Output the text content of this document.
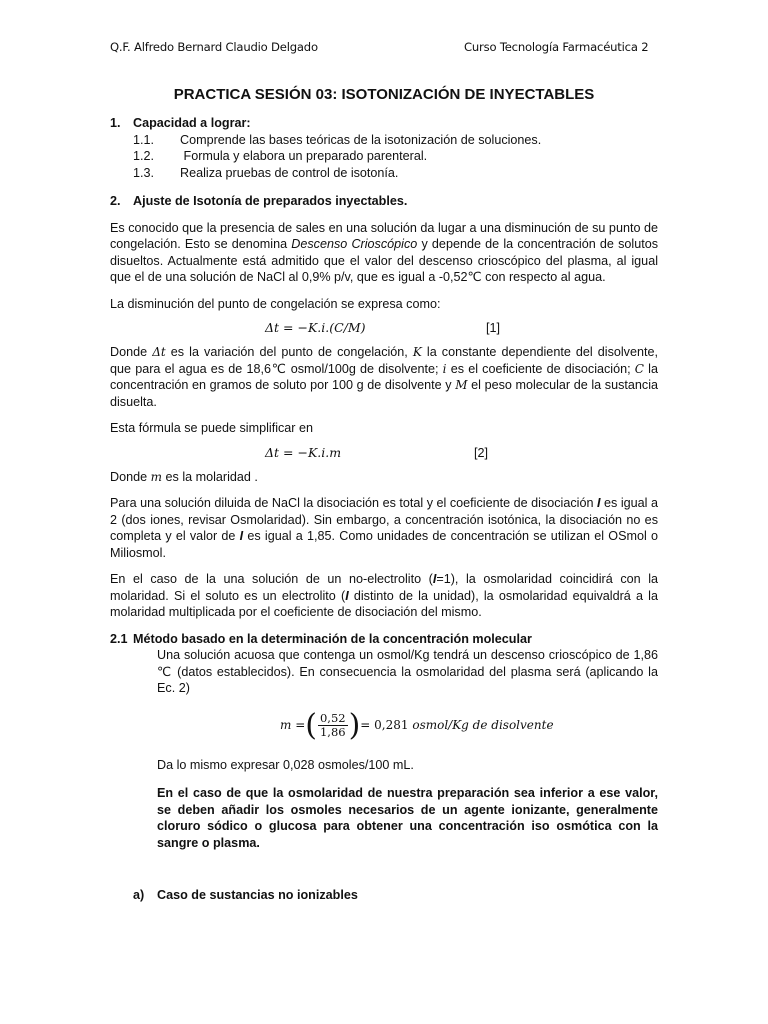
Q.F. Alfredo Bernard Claudio Delgado	Curso Tecnología Farmacéutica 2
PRACTICA SESIÓN 03: ISOTONIZACIÓN DE INYECTABLES
1. Capacidad a lograr:
1.1. Comprende las bases teóricas de la isotonización de soluciones.
1.2. Formula y elabora un preparado parenteral.
1.3. Realiza pruebas de control de isotonía.
2. Ajuste de Isotonía de preparados inyectables.

Es conocido que la presencia de sales en una solución da lugar a una disminución de su punto de congelación. Esto se denomina Descenso Crioscópico y depende de la concentración de solutos disueltos. Actualmente está admitido que el valor del descenso crioscópico del plasma, al igual que el de una solución de NaCl al 0,9% p/v, que es igual a -0,52℃ con respecto al agua.

La disminución del punto de congelación se expresa como:

Δt = −K.i.(C/M)	[1]

Donde Δt es la variación del punto de congelación, K la constante dependiente del disolvente, que para el agua es de 18,6℃ osmol/100g de disolvente; i es el coeficiente de disociación; C la concentración en gramos de soluto por 100 g de disolvente y M el peso molecular de la sustancia disuelta.

Esta fórmula se puede simplificar en

Δt = −K.i.m	[2]

Donde m es la molaridad .

Para una solución diluida de NaCl la disociación es total y el coeficiente de disociación I es igual a 2 (dos iones, revisar Osmolaridad). Sin embargo, a concentración isotónica, la disociación no es completa y el valor de I es igual a 1,85. Como unidades de concentración se utilizan el OSmol o Miliosmol.

En el caso de la una solución de un no-electrolito (I=1), la osmolaridad coincidirá con la molaridad. Si el soluto es un electrolito (I distinto de la unidad), la osmolaridad equivaldrá a la molaridad multiplicada por el coeficiente de disociación del mismo.

2.1 Método basado en la determinación de la concentración molecular

Una solución acuosa que contenga un osmol/Kg tendrá un descenso crioscópico de 1,86 ℃ (datos establecidos). En consecuencia la osmolaridad del plasma será (aplicando la Ec. 2)

m = ( $\frac{0,52}{1,86}$ ) = 0,281 osmol/Kg de disolvente

Da lo mismo expresar 0,028 osmoles/100 mL.

En el caso de que la osmolaridad de nuestra preparación sea inferior a ese valor, se deben añadir los osmoles necesarios de un agente ionizante, generalmente cloruro sódico o glucosa para obtener una concentración iso osmótica con la sangre o plasma.

a) Caso de sustancias no ionizables
